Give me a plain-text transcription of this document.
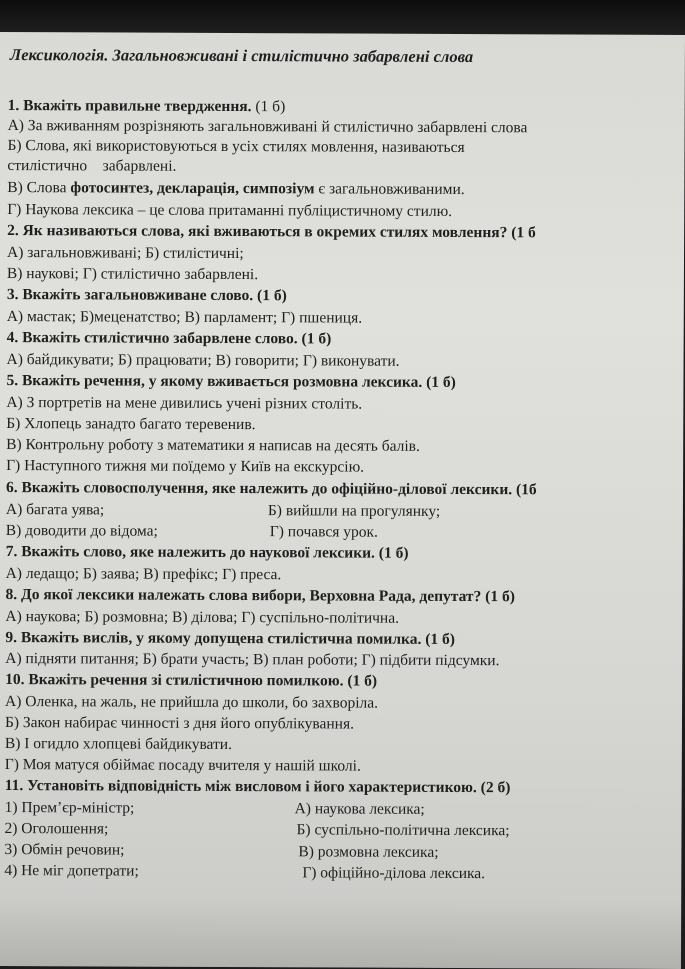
Лексикологія. Загальновживані і стилістично забарвлені слова
1. Вкажіть правильне твердження. (1 б)
А) За вживанням розрізняють загальновживані й стилістично забарвлені слова
Б) Слова, які використовуються в усіх стилях мовлення, називаються
стилістично    забарвлені.
В) Слова фотосинтез, декларація, симпозіум є загальновживаними.
Г) Наукова лексика – це слова притаманні публіцистичному стилю.
2. Як називаються слова, які вживаються в окремих стилях мовлення? (1 б
А) загальновживані; Б) стилістичні;
В) наукові; Г) стилістично забарвлені.
3. Вкажіть загальновживане слово. (1 б)
А) мастак; Б)меценатство; В) парламент; Г) пшениця.
4. Вкажіть стилістично забарвлене слово. (1 б)
А) байдикувати; Б) працювати; В) говорити; Г) виконувати.
5. Вкажіть речення, у якому вживається розмовна лексика. (1 б)
А) З портретів на мене дивились учені різних століть.
Б) Хлопець занадто багато теревенив.
В) Контрольну роботу з математики я написав на десять балів.
Г) Наступного тижня ми поїдемо у Київ на екскурсію.
6. Вкажіть словосполучення, яке належить до офіційно-ділової лексики. (1б
А) багата уява;	Б) вийшли на прогулянку;
В) доводити до відома;	Г) почався урок.
7. Вкажіть слово, яке належить до наукової лексики. (1 б)
А) ледащо; Б) заява; В) префікс; Г) преса.
8. До якої лексики належать слова вибори, Верховна Рада, депутат? (1 б)
А) наукова; Б) розмовна; В) ділова; Г) суспільно-політична.
9. Вкажіть вислів, у якому допущена стилістична помилка. (1 б)
А) підняти питання; Б) брати участь; В) план роботи; Г) підбити підсумки.
10. Вкажіть речення зі стилістичною помилкою. (1 б)
А) Оленка, на жаль, не прийшла до школи, бо захворіла.
Б) Закон набирає чинності з дня його опублікування.
В) І огидло хлопцеві байдикувати.
Г) Моя матуся обіймає посаду вчителя у нашій школі.
11. Установіть відповідність між висловом і його характеристикою. (2 б)
1) Прем’єр-міністр;	А) наукова лексика;
2) Оголошення;	Б) суспільно-політична лексика;
3) Обмін речовин;	В) розмовна лексика;
4) Не міг допетрати;	Г) офіційно-ділова лексика.
